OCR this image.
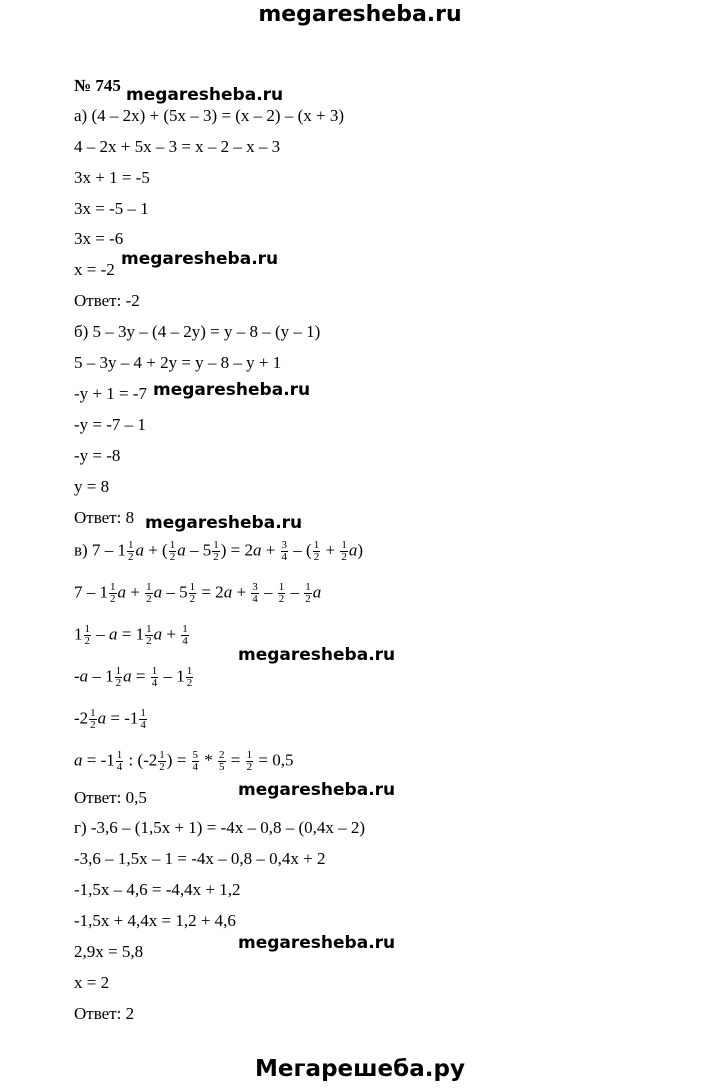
megaresheba.ru
№ 745
а) (4 – 2x) + (5x – 3) = (x – 2) – (x + 3)
4 – 2x + 5x – 3 = x – 2 – x – 3
3x + 1 = -5
3x = -5 – 1
3x = -6
x = -2
Ответ: -2
б) 5 – 3y – (4 – 2y) = y – 8 – (y – 1)
5 – 3y – 4 + 2y = y – 8 – y + 1
-y + 1 = -7
-y = -7 – 1
-y = -8
y = 8
Ответ: 8
в) $7 - 1 \frac{1}{2}$ a + ( $\frac{1}{2}$ a – $5 \frac{1}{2}$ ) = $2a + \frac{3}{4}$ – ( $\frac{1}{2} + \frac{1}{2} a$)
$7 - 1 \frac{1}{2}$ $a + \frac{1}{2}$ $a - 5 \frac{1}{2} = 2a + \frac{3}{4} - \frac{1}{2} - \frac{1}{2}$ a
$1 \frac{1}{2} - a = 1 \frac{1}{2}$ $a + \frac{1}{4}$
$-a - 1 \frac{1}{2}$ $a = \frac{1}{4} - 1 \frac{1}{2}$
$-2 \frac{1}{2}$ $a = -1 \frac{1}{4}$
$a = -1 \frac{1}{4}$ : ($-2 \frac{1}{2}$ ) = $\frac{5}{4} * \frac{2}{5} = \frac{1}{2} = 0,5$
Ответ: 0,5
г) -3,6 – (1,5x + 1) = -4x – 0,8 – (0,4x – 2)
-3,6 – 1,5x – 1 = -4x – 0,8 – 0,4x + 2
-1,5x – 4,6 = -4,4x + 1,2
-1,5x + 4,4x = 1,2 + 4,6
2,9x = 5,8
x = 2
Ответ: 2
megaresheba.ru
megaresheba.ru
megaresheba.ru
megaresheba.ru
megaresheba.ru
megaresheba.ru
megaresheba.ru
Мегарешеба.ру
